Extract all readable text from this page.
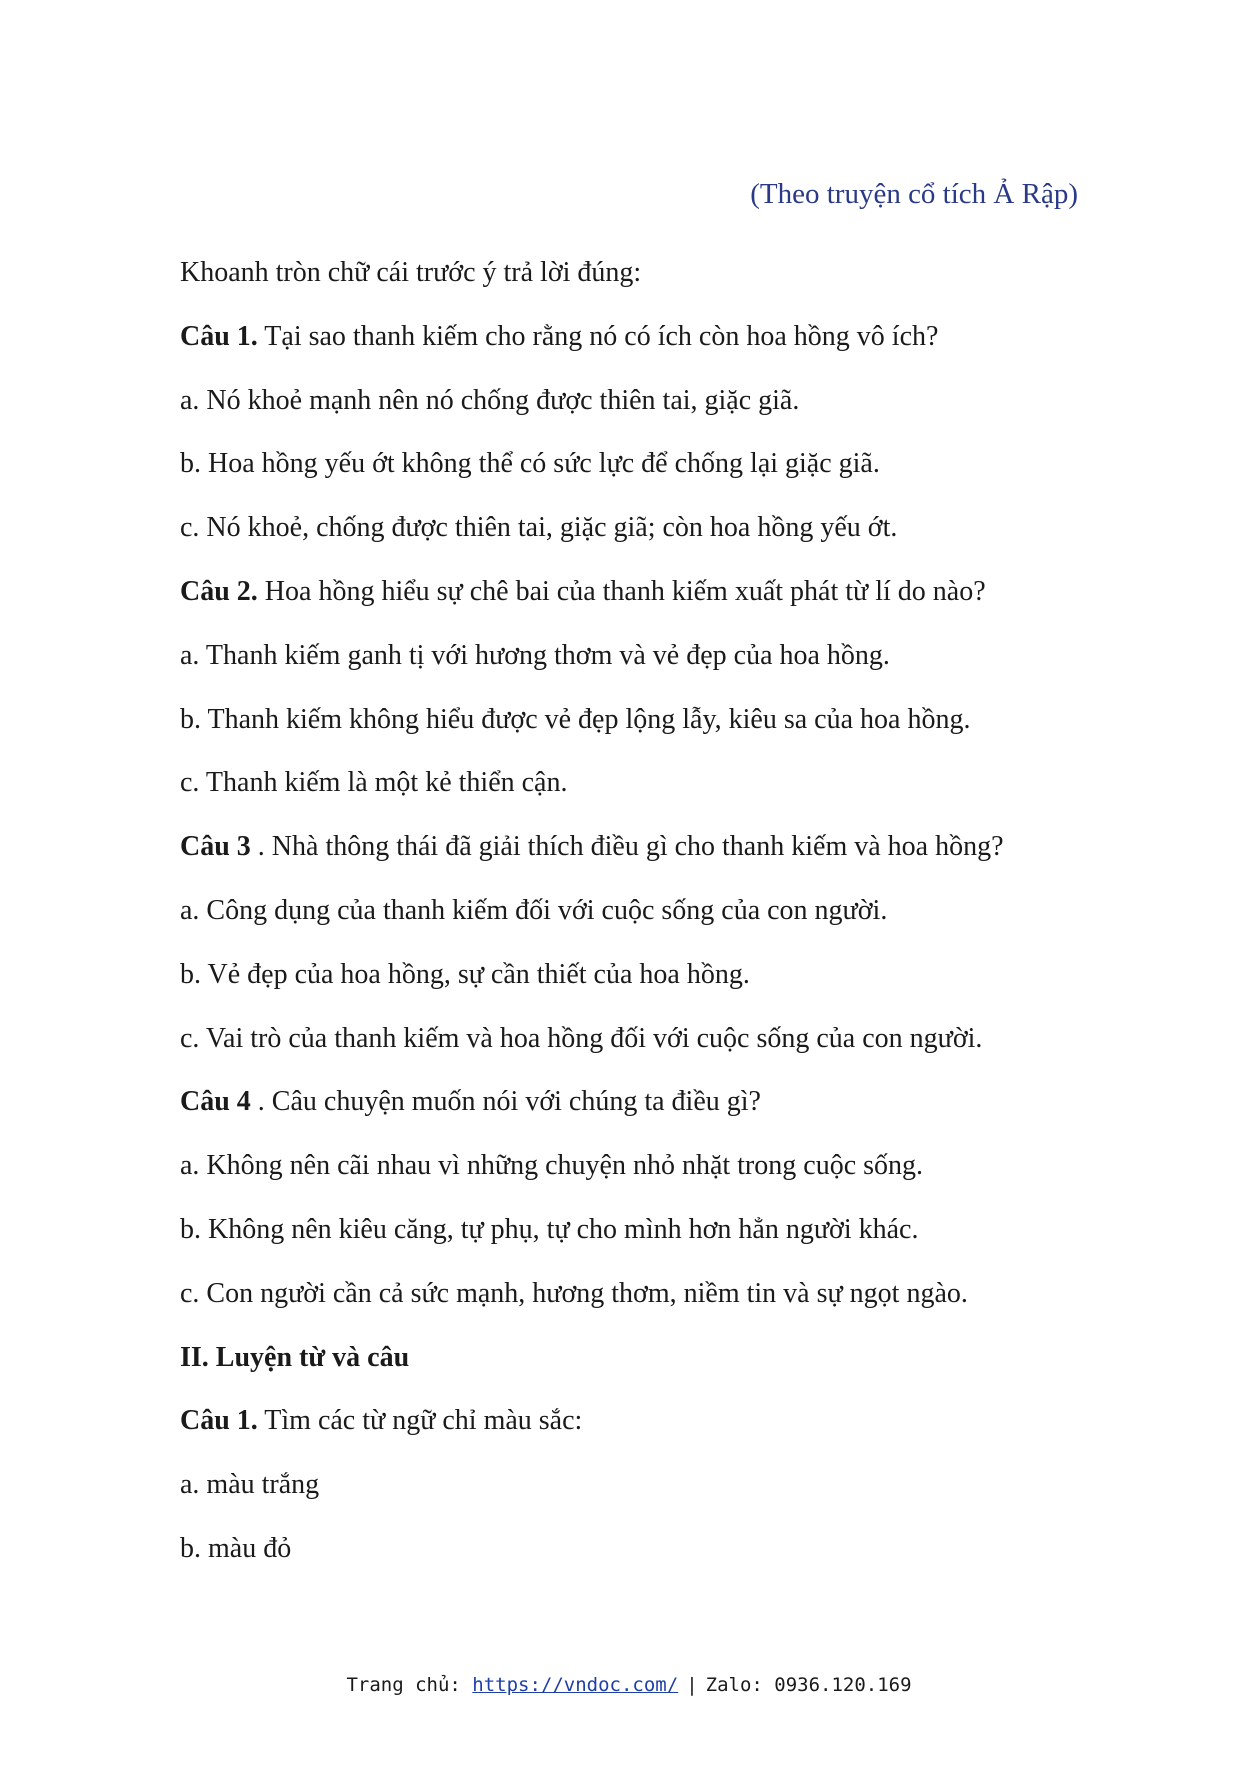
(Theo truyện cổ tích Ả Rập)
Khoanh tròn chữ cái trước ý trả lời đúng:
Câu 1. Tại sao thanh kiếm cho rằng nó có ích còn hoa hồng vô ích?
a. Nó khoẻ mạnh nên nó chống được thiên tai, giặc giã.
b. Hoa hồng yếu ớt không thể có sức lực để chống lại giặc giã.
c. Nó khoẻ, chống được thiên tai, giặc giã; còn hoa hồng yếu ớt.
Câu 2. Hoa hồng hiểu sự chê bai của thanh kiếm xuất phát từ lí do nào?
a. Thanh kiếm ganh tị với hương thơm và vẻ đẹp của hoa hồng.
b. Thanh kiếm không hiểu được vẻ đẹp lộng lẫy, kiêu sa của hoa hồng.
c. Thanh kiếm là một kẻ thiển cận.
Câu 3 . Nhà thông thái đã giải thích điều gì cho thanh kiếm và hoa hồng?
a. Công dụng của thanh kiếm đối với cuộc sống của con người.
b. Vẻ đẹp của hoa hồng, sự cần thiết của hoa hồng.
c. Vai trò của thanh kiếm và hoa hồng đối với cuộc sống của con người.
Câu 4 . Câu chuyện muốn nói với chúng ta điều gì?
a. Không nên cãi nhau vì những chuyện nhỏ nhặt trong cuộc sống.
b. Không nên kiêu căng, tự phụ, tự cho mình hơn hẳn người khác.
c. Con người cần cả sức mạnh, hương thơm, niềm tin và sự ngọt ngào.
II. Luyện từ và câu
Câu 1. Tìm các từ ngữ chỉ màu sắc:
a. màu trắng
b. màu đỏ
Trang chủ: https://vndoc.com/ | Zalo: 0936.120.169
